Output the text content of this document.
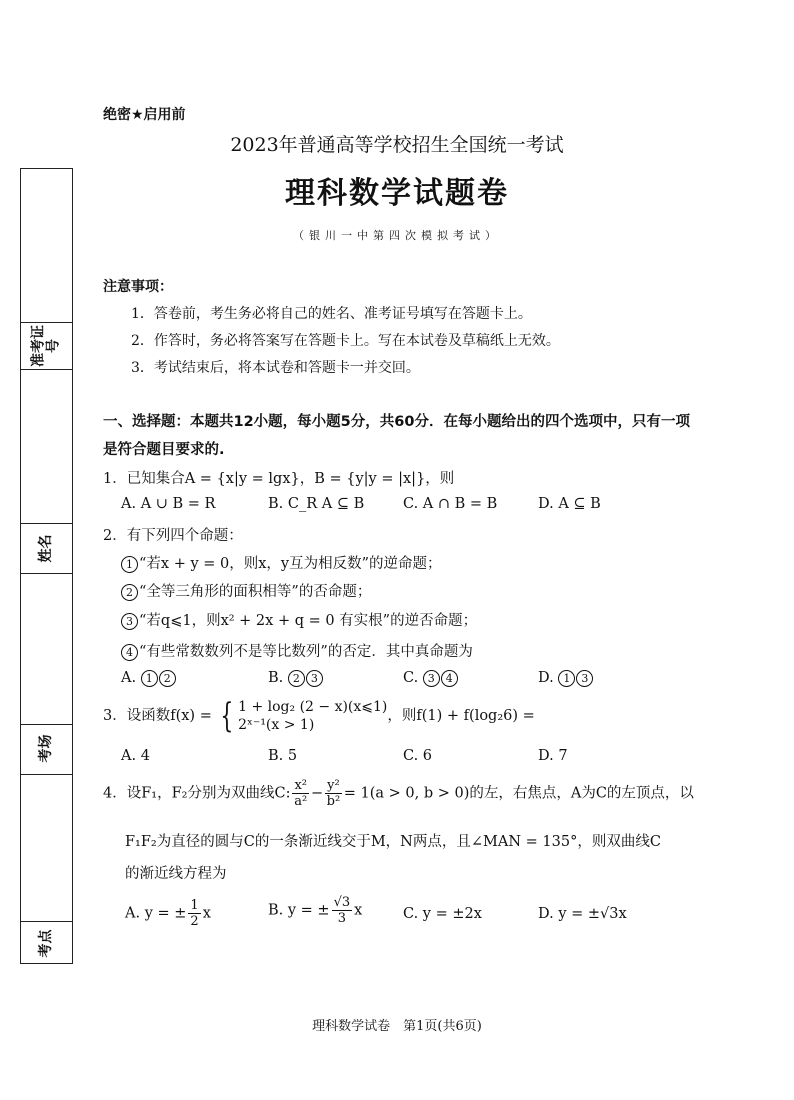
准考证号
姓名
考场
考点
绝密★启用前
2023年普通高等学校招生全国统一考试
理科数学试题卷
（银川一中第四次模拟考试）
注意事项：
1．答卷前，考生务必将自己的姓名、准考证号填写在答题卡上。
2．作答时，务必将答案写在答题卡上。写在本试卷及草稿纸上无效。
3．考试结束后，将本试卷和答题卡一并交回。
一、选择题：本题共12小题，每小题5分，共60分．在每小题给出的四个选项中，只有一项是符合题目要求的.
1．已知集合A = {x|y = lgx}，B = {y|y = |x|}，则
A. A ∪ B = R	B. C_R A ⊆ B	C. A ∩ B = B	D. A ⊆ B
2．有下列四个命题：
1 “若x + y = 0，则x，y互为相反数”的逆命题；
2 “全等三角形的面积相等”的否命题；
3 “若q⩽1，则x² + 2x + q = 0 有实根”的逆否命题；
4 “有些常数数列不是等比数列”的否定．其中真命题为
A. 1 2	B. 2 3	C. 3 4	D. 1 3
3．设函数f(x) = { 1 + log₂ (2 − x)(x⩽1)
2ˣ⁻¹(x > 1)
，则f(1) + f(log₂6) =
A. 4	B. 5	C. 6	D. 7
4．设F₁，F₂分别为双曲线C: $\frac{\text{x²}}{\text{a²}} - \frac{\text{y²}}{\text{b²}} = 1(a > 0$, b > 0)的左，右焦点，A为C的左顶点，以
F₁F₂为直径的圆与C的一条渐近线交于M，N两点，且∠MAN = 135°，则双曲线C
的渐近线方程为
A. y = ± $\frac{1}{2}$ x	B. y = ± $\frac{√3}{3}$ x	C. y = ±2x	D. y = ±√3x
理科数学试卷　第1页(共6页)
